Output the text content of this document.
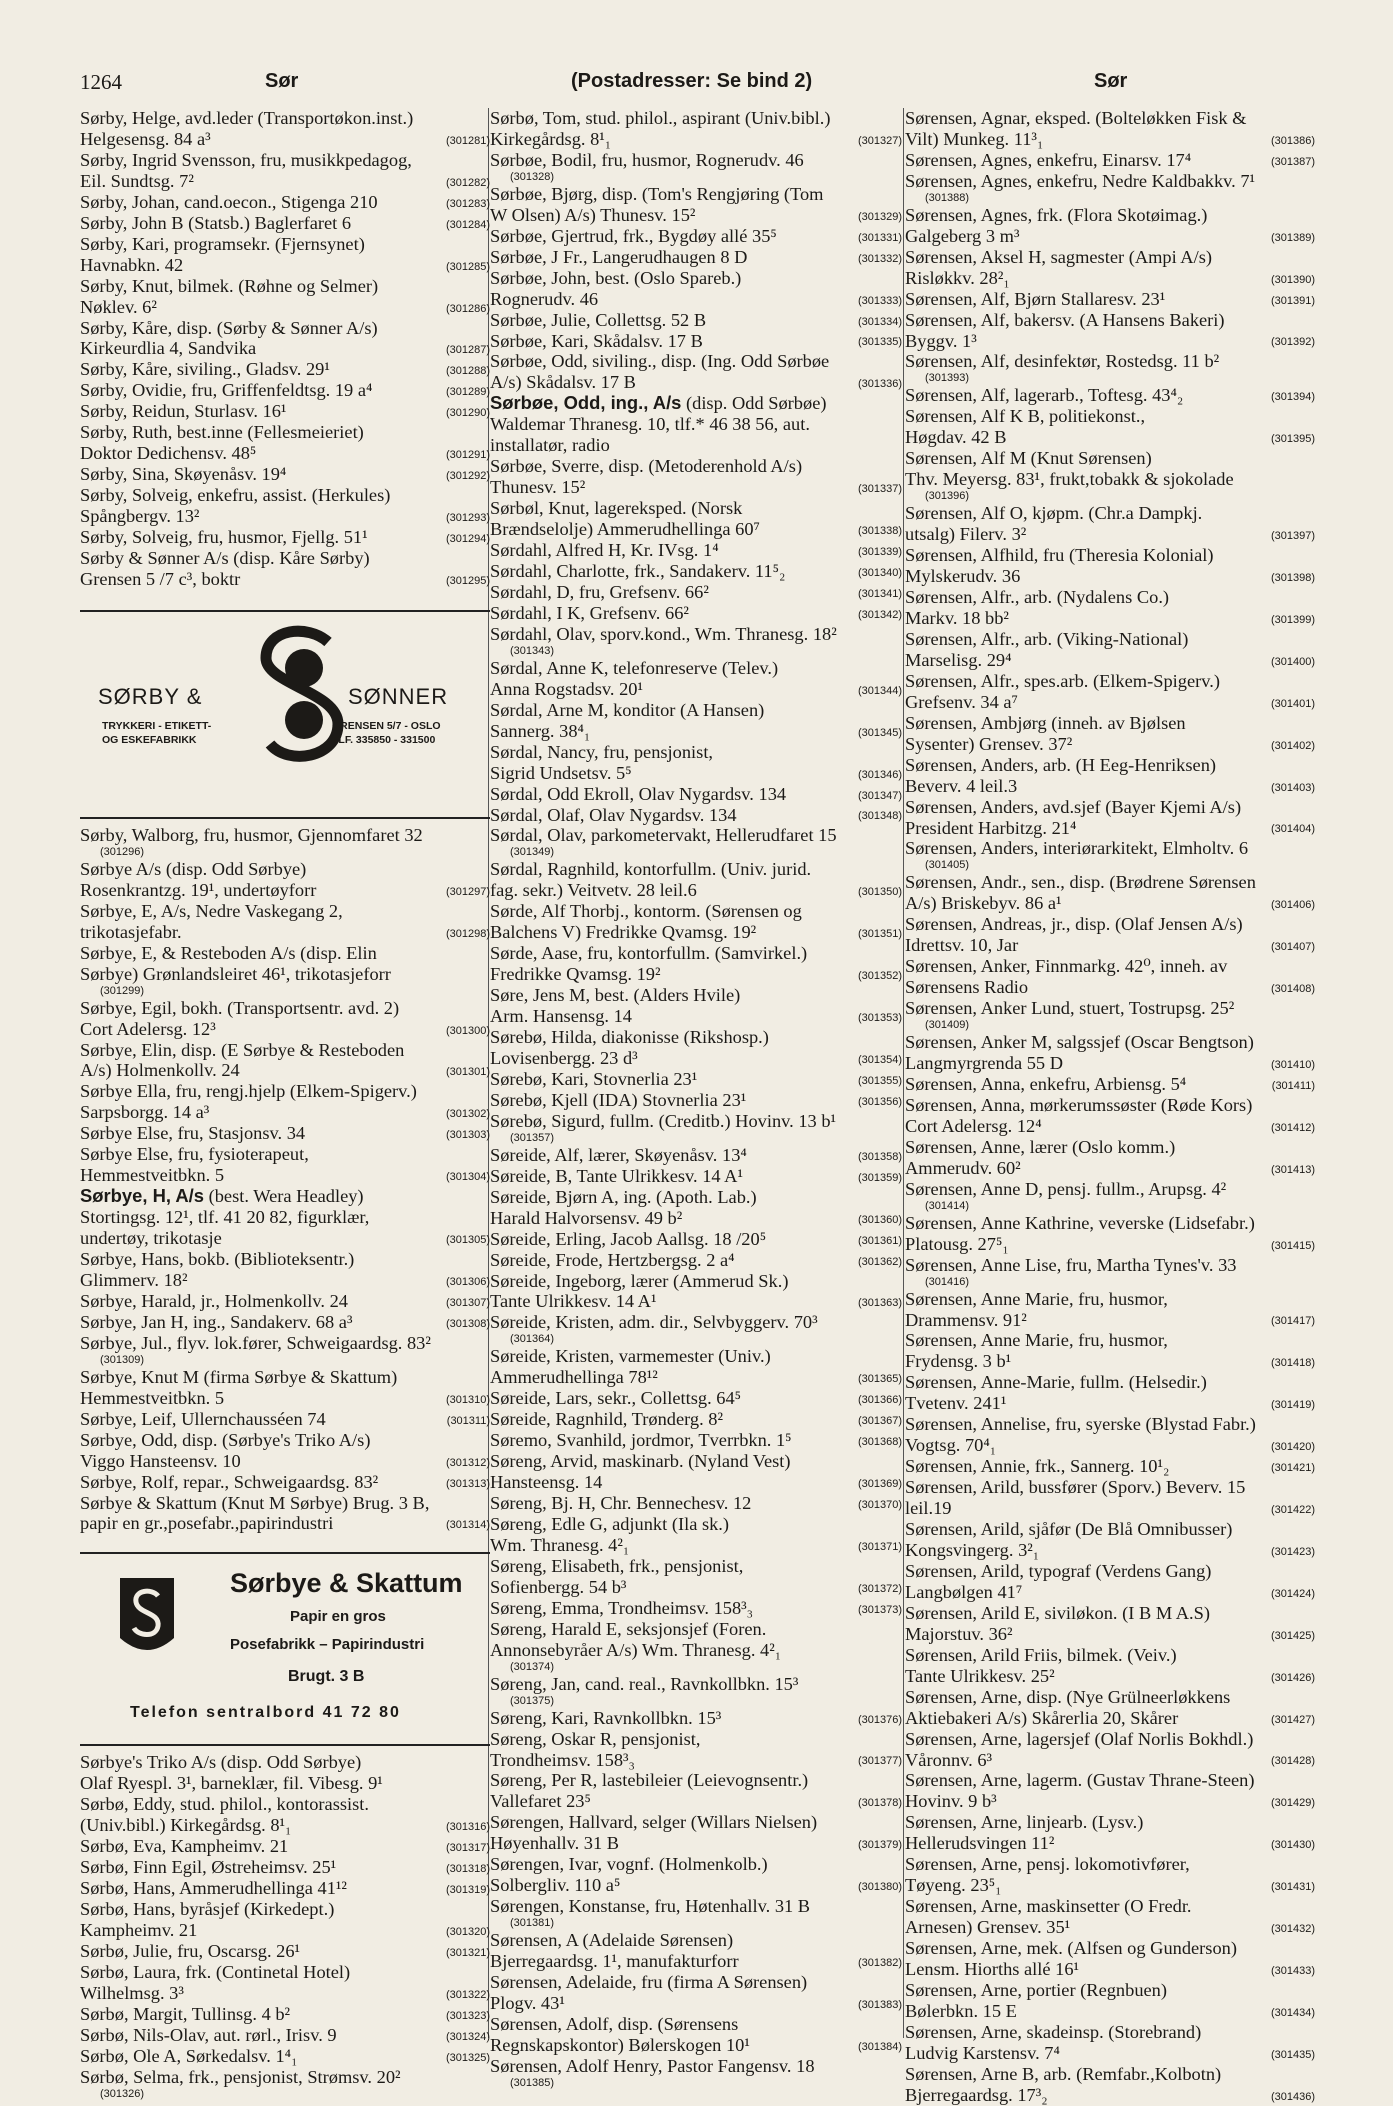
1264	Sør	(Postadresser: Se bind 2)	Sør
Sørby, Helge, avd.leder (Transportøkon.inst.)
Helgesensg. 84 a³	(301281)
Sørby, Ingrid Svensson, fru, musikkpedagog,
Eil. Sundtsg. 7²	(301282)
Sørby, Johan, cand.oecon., Stigenga 210	(301283)
Sørby, John B (Statsb.) Baglerfaret 6	(301284)
Sørby, Kari, programsekr. (Fjernsynet)
Havnabkn. 42	(301285)
Sørby, Knut, bilmek. (Røhne og Selmer)
Nøklev. 6²	(301286)
Sørby, Kåre, disp. (Sørby & Sønner A/s)
Kirkeurdlia 4, Sandvika	(301287)
Sørby, Kåre, siviling., Gladsv. 29¹	(301288)
Sørby, Ovidie, fru, Griffenfeldtsg. 19 a⁴	(301289)
Sørby, Reidun, Sturlasv. 16¹	(301290)
Sørby, Ruth, best.inne (Fellesmeieriet)
Doktor Dedichensv. 48⁵	(301291)
Sørby, Sina, Skøyenåsv. 19⁴	(301292)
Sørby, Solveig, enkefru, assist. (Herkules)
Spångbergv. 13²	(301293)
Sørby, Solveig, fru, husmor, Fjellg. 51¹	(301294)
Sørby & Sønner A/s (disp. Kåre Sørby)
Grensen 5 /7 c³, boktr	(301295)
SØRBY &	SØNNER
TRYKKERI - ETIKETT-
OG ESKEFABRIKK
GRENSEN 5/7 - OSLO
TLF. 335850 - 331500
Sørby, Walborg, fru, husmor, Gjennomfaret 32
(301296)
Sørbye A/s (disp. Odd Sørbye)
Rosenkrantzg. 19¹, undertøyforr	(301297)
Sørbye, E, A/s, Nedre Vaskegang 2,
trikotasjefabr.	(301298)
Sørbye, E, & Resteboden A/s (disp. Elin
Sørbye) Grønlandsleiret 46¹, trikotasjeforr
(301299)
Sørbye, Egil, bokh. (Transportsentr. avd. 2)
Cort Adelersg. 12³	(301300)
Sørbye, Elin, disp. (E Sørbye & Resteboden
A/s) Holmenkollv. 24	(301301)
Sørbye Ella, fru, rengj.hjelp (Elkem-Spigerv.)
Sarpsborgg. 14 a³	(301302)
Sørbye Else, fru, Stasjonsv. 34	(301303)
Sørbye Else, fru, fysioterapeut,
Hemmestveitbkn. 5	(301304)
Sørbye, H, A/s (best. Wera Headley)
Stortingsg. 12¹, tlf. 41 20 82, figurklær,
undertøy, trikotasje	(301305)
Sørbye, Hans, bokb. (Biblioteksentr.)
Glimmerv. 18²	(301306)
Sørbye, Harald, jr., Holmenkollv. 24	(301307)
Sørbye, Jan H, ing., Sandakerv. 68 a³	(301308)
Sørbye, Jul., flyv. lok.fører, Schweigaardsg. 83²
(301309)
Sørbye, Knut M (firma Sørbye & Skattum)
Hemmestveitbkn. 5	(301310)
Sørbye, Leif, Ullernchausséen 74	(301311)
Sørbye, Odd, disp. (Sørbye's Triko A/s)
Viggo Hansteensv. 10	(301312)
Sørbye, Rolf, repar., Schweigaardsg. 83²	(301313)
Sørbye & Skattum (Knut M Sørbye) Brug. 3 B,
papir en gr.,posefabr.,papirindustri	(301314)
Sørbye & Skattum
Papir en gros
Posefabrikk – Papirindustri
Brugt. 3 B
Telefon sentralbord 41 72 80
Sørbye's Triko A/s (disp. Odd Sørbye)
Olaf Ryespl. 3¹, barneklær, fil. Vibesg. 9¹
Sørbø, Eddy, stud. philol., kontorassist.
(Univ.bibl.) Kirkegårdsg. 8¹₁	(301316)
Sørbø, Eva, Kampheimv. 21	(301317)
Sørbø, Finn Egil, Østreheimsv. 25¹	(301318)
Sørbø, Hans, Ammerudhellinga 41¹²	(301319)
Sørbø, Hans, byråsjef (Kirkedept.)
Kampheimv. 21	(301320)
Sørbø, Julie, fru, Oscarsg. 26¹	(301321)
Sørbø, Laura, frk. (Continetal Hotel)
Wilhelmsg. 3³	(301322)
Sørbø, Margit, Tullinsg. 4 b²	(301323)
Sørbø, Nils-Olav, aut. rørl., Irisv. 9	(301324)
Sørbø, Ole A, Sørkedalsv. 1⁴₁	(301325)
Sørbø, Selma, frk., pensjonist, Strømsv. 20²
(301326)
Sørbø, Tom, stud. philol., aspirant (Univ.bibl.)
Kirkegårdsg. 8¹₁	(301327)
Sørbøe, Bodil, fru, husmor, Rognerudv. 46
(301328)
Sørbøe, Bjørg, disp. (Tom's Rengjøring (Tom
W Olsen) A/s) Thunesv. 15²	(301329)
Sørbøe, Gjertrud, frk., Bygdøy allé 35⁵	(301331)
Sørbøe, J Fr., Langerudhaugen 8 D	(301332)
Sørbøe, John, best. (Oslo Spareb.)
Rognerudv. 46	(301333)
Sørbøe, Julie, Collettsg. 52 B	(301334)
Sørbøe, Kari, Skådalsv. 17 B	(301335)
Sørbøe, Odd, siviling., disp. (Ing. Odd Sørbøe
A/s) Skådalsv. 17 B	(301336)
Sørbøe, Odd, ing., A/s (disp. Odd Sørbøe)
Waldemar Thranesg. 10, tlf.* 46 38 56, aut.
installatør, radio
Sørbøe, Sverre, disp. (Metoderenhold A/s)
Thunesv. 15²	(301337)
Sørbøl, Knut, lagereksped. (Norsk
Brændselolje) Ammerudhellinga 60⁷	(301338)
Sørdahl, Alfred H, Kr. IVsg. 1⁴	(301339)
Sørdahl, Charlotte, frk., Sandakerv. 11⁵₂	(301340)
Sørdahl, D, fru, Grefsenv. 66²	(301341)
Sørdahl, I K, Grefsenv. 66²	(301342)
Sørdahl, Olav, sporv.kond., Wm. Thranesg. 18²
(301343)
Sørdal, Anne K, telefonreserve (Telev.)
Anna Rogstadsv. 20¹	(301344)
Sørdal, Arne M, konditor (A Hansen)
Sannerg. 38⁴₁	(301345)
Sørdal, Nancy, fru, pensjonist,
Sigrid Undsetsv. 5⁵	(301346)
Sørdal, Odd Ekroll, Olav Nygardsv. 134	(301347)
Sørdal, Olaf, Olav Nygardsv. 134	(301348)
Sørdal, Olav, parkometervakt, Hellerudfaret 15
(301349)
Sørdal, Ragnhild, kontorfullm. (Univ. jurid.
fag. sekr.) Veitvetv. 28 leil.6	(301350)
Sørde, Alf Thorbj., kontorm. (Sørensen og
Balchens V) Fredrikke Qvamsg. 19²	(301351)
Sørde, Aase, fru, kontorfullm. (Samvirkel.)
Fredrikke Qvamsg. 19²	(301352)
Søre, Jens M, best. (Alders Hvile)
Arm. Hansensg. 14	(301353)
Sørebø, Hilda, diakonisse (Rikshosp.)
Lovisenbergg. 23 d³	(301354)
Sørebø, Kari, Stovnerlia 23¹	(301355)
Sørebø, Kjell (IDA) Stovnerlia 23¹	(301356)
Sørebø, Sigurd, fullm. (Creditb.) Hovinv. 13 b¹
(301357)
Søreide, Alf, lærer, Skøyenåsv. 13⁴	(301358)
Søreide, B, Tante Ulrikkesv. 14 A¹	(301359)
Søreide, Bjørn A, ing. (Apoth. Lab.)
Harald Halvorsensv. 49 b²	(301360)
Søreide, Erling, Jacob Aallsg. 18 /20⁵	(301361)
Søreide, Frode, Hertzbergsg. 2 a⁴	(301362)
Søreide, Ingeborg, lærer (Ammerud Sk.)
Tante Ulrikkesv. 14 A¹	(301363)
Søreide, Kristen, adm. dir., Selvbyggerv. 70³
(301364)
Søreide, Kristen, varmemester (Univ.)
Ammerudhellinga 78¹²	(301365)
Søreide, Lars, sekr., Collettsg. 64⁵	(301366)
Søreide, Ragnhild, Trønderg. 8²	(301367)
Søremo, Svanhild, jordmor, Tverrbkn. 1⁵	(301368)
Søreng, Arvid, maskinarb. (Nyland Vest)
Hansteensg. 14	(301369)
Søreng, Bj. H, Chr. Bennechesv. 12	(301370)
Søreng, Edle G, adjunkt (Ila sk.)
Wm. Thranesg. 4²₁	(301371)
Søreng, Elisabeth, frk., pensjonist,
Sofienbergg. 54 b³	(301372)
Søreng, Emma, Trondheimsv. 158³₃	(301373)
Søreng, Harald E, seksjonsjef (Foren.
Annonsebyråer A/s) Wm. Thranesg. 4²₁
(301374)
Søreng, Jan, cand. real., Ravnkollbkn. 15³
(301375)
Søreng, Kari, Ravnkollbkn. 15³	(301376)
Søreng, Oskar R, pensjonist,
Trondheimsv. 158³₃	(301377)
Søreng, Per R, lastebileier (Leievognsentr.)
Vallefaret 23⁵	(301378)
Sørengen, Hallvard, selger (Willars Nielsen)
Høyenhallv. 31 B	(301379)
Sørengen, Ivar, vognf. (Holmenkolb.)
Solbergliv. 110 a⁵	(301380)
Sørengen, Konstanse, fru, Høtenhallv. 31 B
(301381)
Sørensen, A (Adelaide Sørensen)
Bjerregaardsg. 1¹, manufakturforr	(301382)
Sørensen, Adelaide, fru (firma A Sørensen)
Plogv. 43¹	(301383)
Sørensen, Adolf, disp. (Sørensens
Regnskapskontor) Bølerskogen 10¹	(301384)
Sørensen, Adolf Henry, Pastor Fangensv. 18
(301385)
Sørensen, Agnar, eksped. (Bolteløkken Fisk &
Vilt) Munkeg. 11³₁	(301386)
Sørensen, Agnes, enkefru, Einarsv. 17⁴	(301387)
Sørensen, Agnes, enkefru, Nedre Kaldbakkv. 7¹
(301388)
Sørensen, Agnes, frk. (Flora Skotøimag.)
Galgeberg 3 m³	(301389)
Sørensen, Aksel H, sagmester (Ampi A/s)
Risløkkv. 28²₁	(301390)
Sørensen, Alf, Bjørn Stallaresv. 23¹	(301391)
Sørensen, Alf, bakersv. (A Hansens Bakeri)
Byggv. 1³	(301392)
Sørensen, Alf, desinfektør, Rostedsg. 11 b²
(301393)
Sørensen, Alf, lagerarb., Toftesg. 43⁴₂	(301394)
Sørensen, Alf K B, politiekonst.,
Høgdav. 42 B	(301395)
Sørensen, Alf M (Knut Sørensen)
Thv. Meyersg. 83¹, frukt,tobakk & sjokolade
(301396)
Sørensen, Alf O, kjøpm. (Chr.a Dampkj.
utsalg) Filerv. 3²	(301397)
Sørensen, Alfhild, fru (Theresia Kolonial)
Mylskerudv. 36	(301398)
Sørensen, Alfr., arb. (Nydalens Co.)
Markv. 18 bb²	(301399)
Sørensen, Alfr., arb. (Viking-National)
Marselisg. 29⁴	(301400)
Sørensen, Alfr., spes.arb. (Elkem-Spigerv.)
Grefsenv. 34 a⁷	(301401)
Sørensen, Ambjørg (inneh. av Bjølsen
Sysenter) Grensev. 37²	(301402)
Sørensen, Anders, arb. (H Eeg-Henriksen)
Beverv. 4 leil.3	(301403)
Sørensen, Anders, avd.sjef (Bayer Kjemi A/s)
President Harbitzg. 21⁴	(301404)
Sørensen, Anders, interiørarkitekt, Elmholtv. 6
(301405)
Sørensen, Andr., sen., disp. (Brødrene Sørensen
A/s) Briskebyv. 86 a¹	(301406)
Sørensen, Andreas, jr., disp. (Olaf Jensen A/s)
Idrettsv. 10, Jar	(301407)
Sørensen, Anker, Finnmarkg. 42⁰, inneh. av
Sørensens Radio	(301408)
Sørensen, Anker Lund, stuert, Tostrupsg. 25²
(301409)
Sørensen, Anker M, salgssjef (Oscar Bengtson)
Langmyrgrenda 55 D	(301410)
Sørensen, Anna, enkefru, Arbiensg. 5⁴	(301411)
Sørensen, Anna, mørkerumssøster (Røde Kors)
Cort Adelersg. 12⁴	(301412)
Sørensen, Anne, lærer (Oslo komm.)
Ammerudv. 60²	(301413)
Sørensen, Anne D, pensj. fullm., Arupsg. 4²
(301414)
Sørensen, Anne Kathrine, veverske (Lidsefabr.)
Platousg. 27⁵₁	(301415)
Sørensen, Anne Lise, fru, Martha Tynes'v. 33
(301416)
Sørensen, Anne Marie, fru, husmor,
Drammensv. 91²	(301417)
Sørensen, Anne Marie, fru, husmor,
Frydensg. 3 b¹	(301418)
Sørensen, Anne-Marie, fullm. (Helsedir.)
Tvetenv. 241¹	(301419)
Sørensen, Annelise, fru, syerske (Blystad Fabr.)
Vogtsg. 70⁴₁	(301420)
Sørensen, Annie, frk., Sannerg. 10¹₂	(301421)
Sørensen, Arild, bussfører (Sporv.) Beverv. 15
leil.19	(301422)
Sørensen, Arild, sjåfør (De Blå Omnibusser)
Kongsvingerg. 3²₁	(301423)
Sørensen, Arild, typograf (Verdens Gang)
Langbølgen 41⁷	(301424)
Sørensen, Arild E, siviløkon. (I B M A.S)
Majorstuv. 36²	(301425)
Sørensen, Arild Friis, bilmek. (Veiv.)
Tante Ulrikkesv. 25²	(301426)
Sørensen, Arne, disp. (Nye Grülneerløkkens
Aktiebakeri A/s) Skårerlia 20, Skårer	(301427)
Sørensen, Arne, lagersjef (Olaf Norlis Bokhdl.)
Våronnv. 6³	(301428)
Sørensen, Arne, lagerm. (Gustav Thrane-Steen)
Hovinv. 9 b³	(301429)
Sørensen, Arne, linjearb. (Lysv.)
Hellerudsvingen 11²	(301430)
Sørensen, Arne, pensj. lokomotivfører,
Tøyeng. 23⁵₁	(301431)
Sørensen, Arne, maskinsetter (O Fredr.
Arnesen) Grensev. 35¹	(301432)
Sørensen, Arne, mek. (Alfsen og Gunderson)
Lensm. Hiorths allé 16¹	(301433)
Sørensen, Arne, portier (Regnbuen)
Bølerbkn. 15 E	(301434)
Sørensen, Arne, skadeinsp. (Storebrand)
Ludvig Karstensv. 7⁴	(301435)
Sørensen, Arne B, arb. (Remfabr.,Kolbotn)
Bjerregaardsg. 17³₂	(301436)
